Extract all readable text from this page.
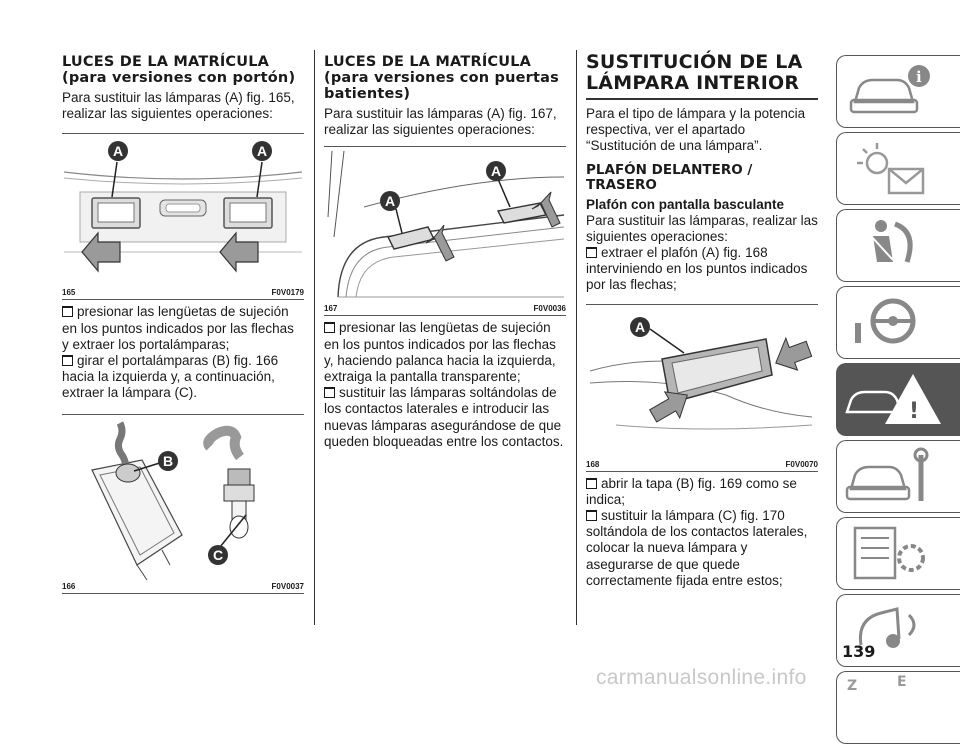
LUCES DE LA MATRÍCULA (para versiones con portón)

Para sustituir las lámparas (A) fig. 165, realizar las siguientes operaciones:

A	A
165	F0V0179

presionar las lengüetas de sujeción en los puntos indicados por las flechas y extraer los portalámparas;

girar el portalámparas (B) fig. 166 hacia la izquierda y, a continuación, extraer la lámpara (C).

B
C
166	F0V0037
LUCES DE LA MATRÍCULA (para versiones con puertas batientes)

Para sustituir las lámparas (A) fig. 167, realizar las siguientes operaciones:

A
A
167	F0V0036

presionar las lengüetas de sujeción en los puntos indicados por las flechas y, haciendo palanca hacia la izquierda, extraiga la pantalla transparente;

sustituir las lámparas soltándolas de los contactos laterales e introducir las nuevas lámparas asegurándose de que queden bloqueadas entre los contactos.

SUSTITUCIÓN DE LA LÁMPARA INTERIOR

Para el tipo de lámpara y la potencia respectiva, ver el apartado “Sustitución de una lámpara”.

PLAFÓN DELANTERO / TRASERO
Plafón con pantalla basculante

Para sustituir las lámparas, realizar las siguientes operaciones:

extraer el plafón (A) fig. 168 interviniendo en los puntos indicados por las flechas;

A
168	F0V0070

abrir la tapa (B) fig. 169 como se indica;

sustituir la lámpara (C) fig. 170 soltándola de los contactos laterales, colocar la nueva lámpara y asegurarse de que quede correctamente fijada entre estos;

i
!
Z	E
139
carmanualsonline.info
